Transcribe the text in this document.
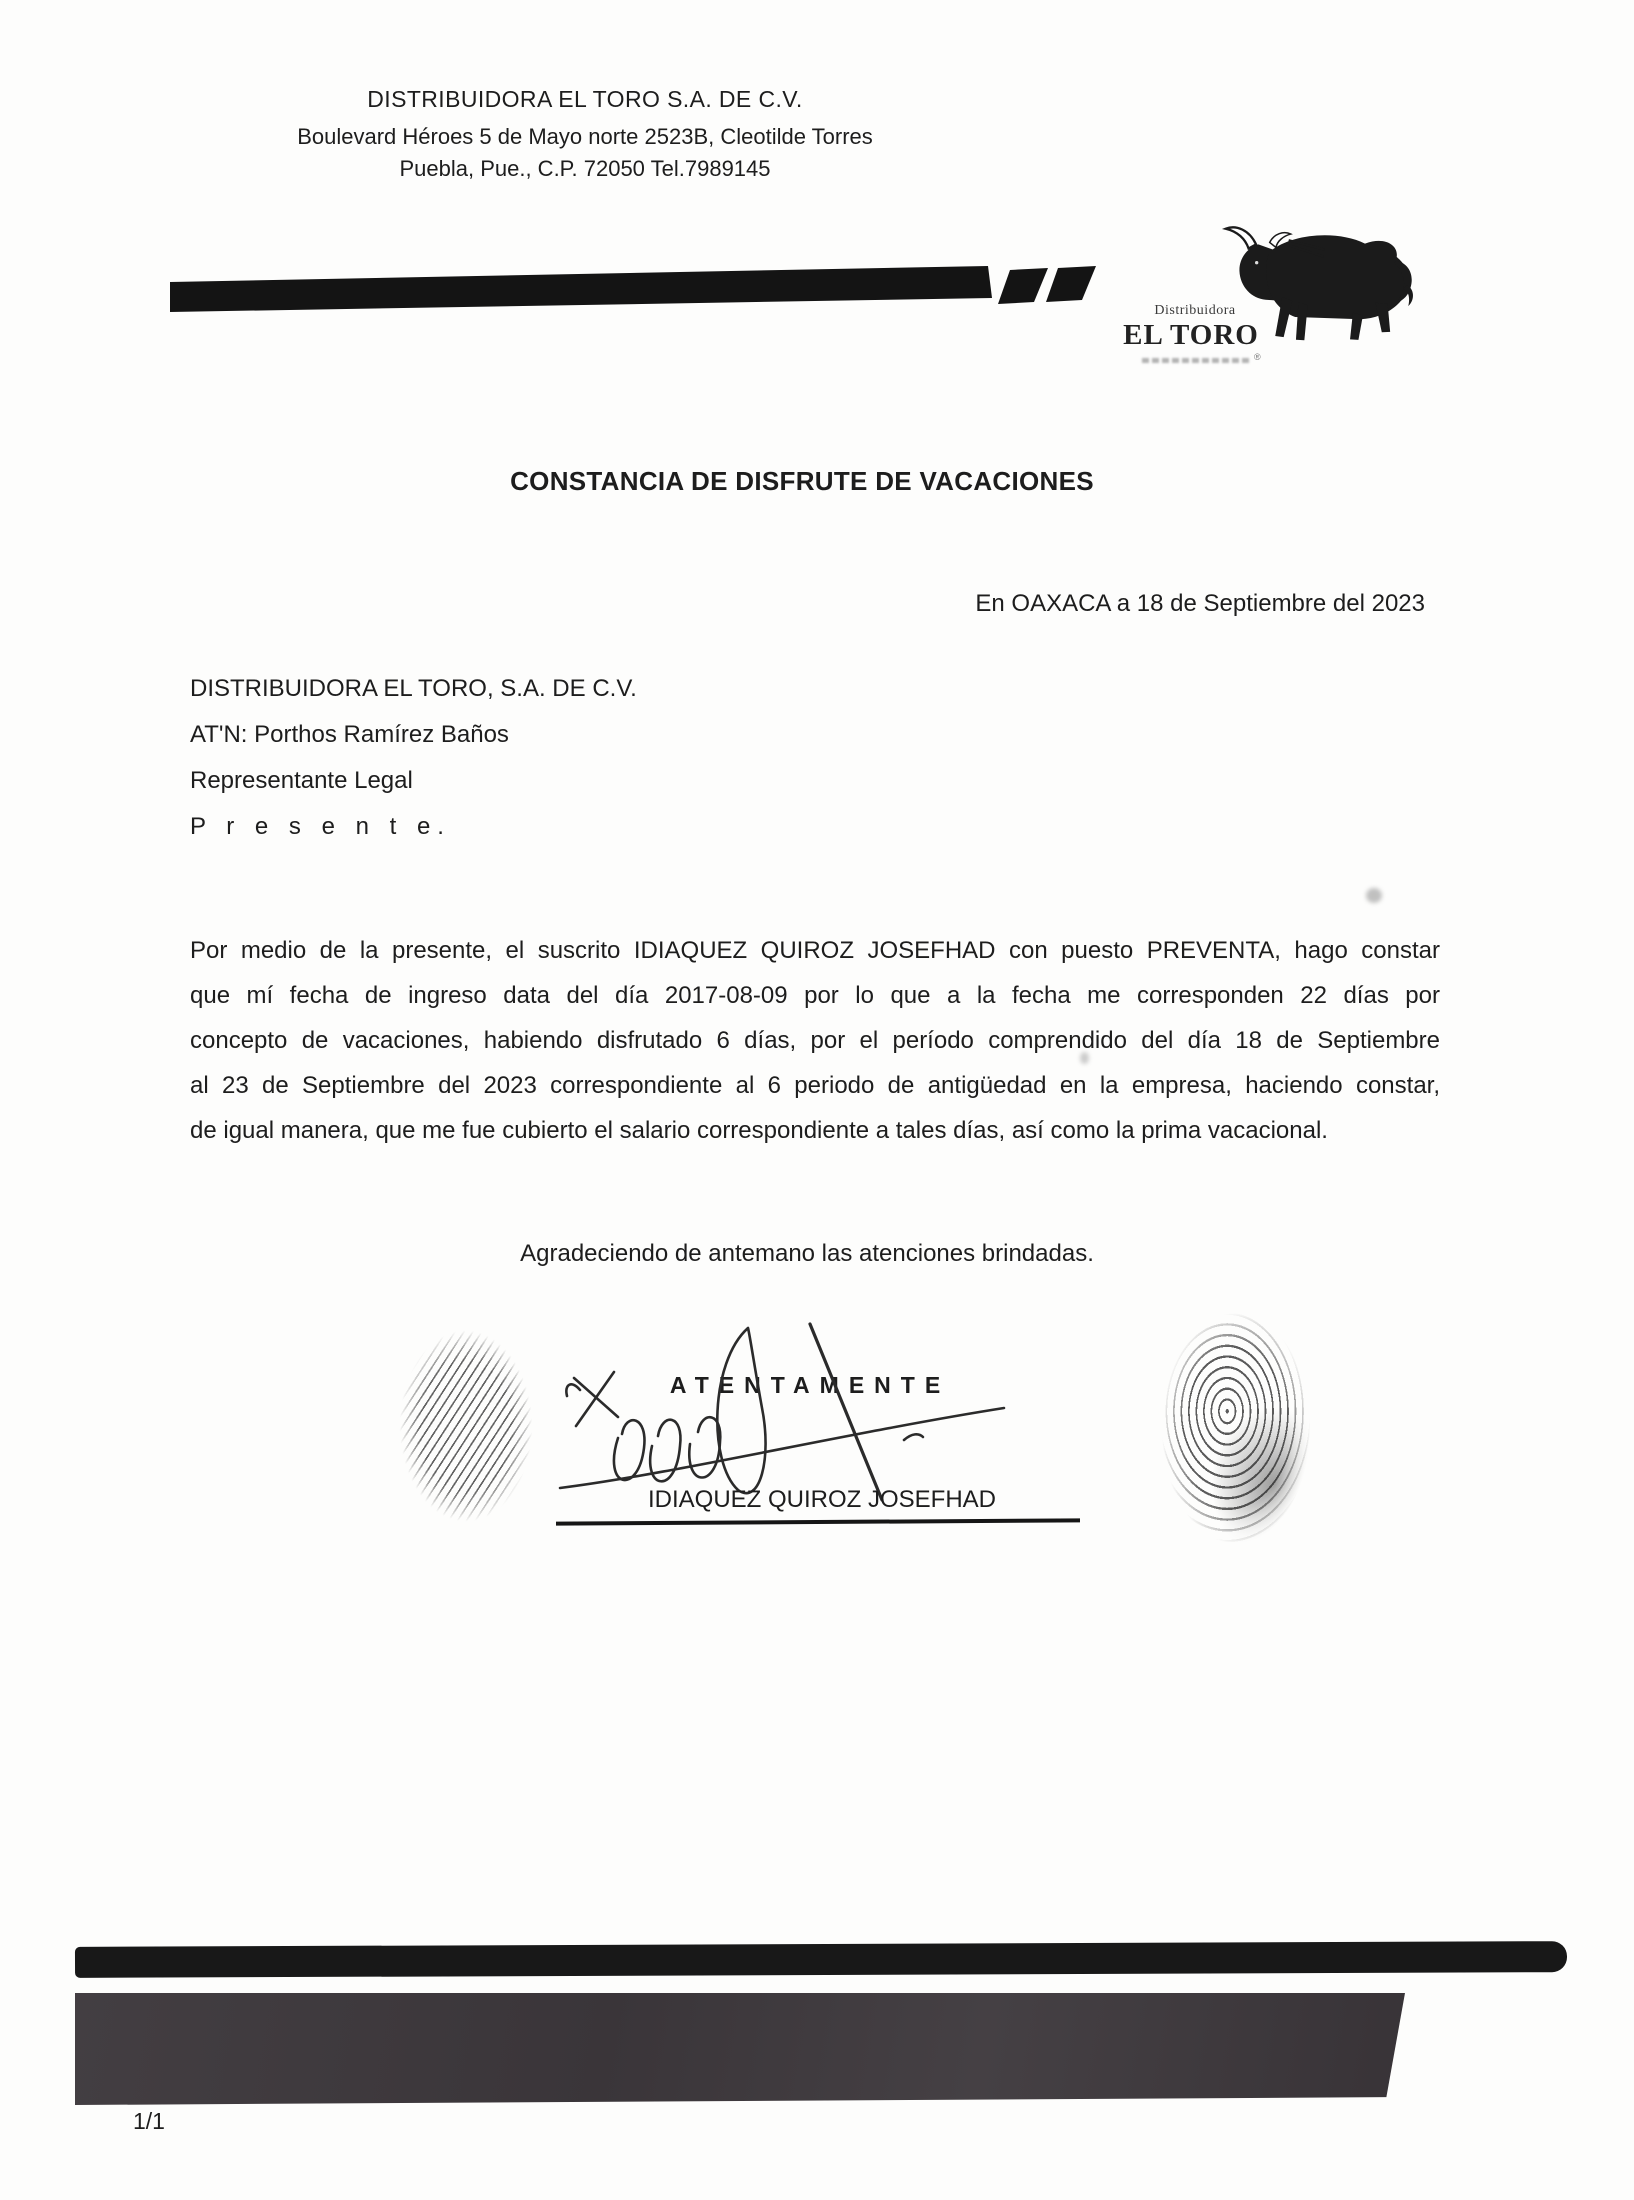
DISTRIBUIDORA EL TORO S.A. DE C.V.
Boulevard Héroes 5 de Mayo norte 2523B, Cleotilde Torres
Puebla, Pue., C.P. 72050 Tel.7989145
Distribuidora
EL TORO
®
CONSTANCIA DE DISFRUTE DE VACACIONES
En OAXACA a 18 de Septiembre del 2023
DISTRIBUIDORA EL TORO, S.A. DE C.V.
AT'N: Porthos Ramírez Baños
Representante Legal
P r e s e n t e.
Por medio de la presente, el suscrito IDIAQUEZ QUIROZ JOSEFHAD con puesto PREVENTA, hago constar
que mí fecha de ingreso data del día 2017-08-09 por lo que a la fecha me corresponden 22 días por
concepto de vacaciones, habiendo disfrutado 6 días, por el período comprendido del día 18 de Septiembre
al 23 de Septiembre del 2023 correspondiente al 6 periodo de antigüedad en la empresa, haciendo constar,
de igual manera, que me fue cubierto el salario correspondiente a tales días, así como la prima vacacional.
Agradeciendo de antemano las atenciones brindadas.
ATENTAMENTE
IDIAQUEZ QUIROZ JOSEFHAD
1/1
